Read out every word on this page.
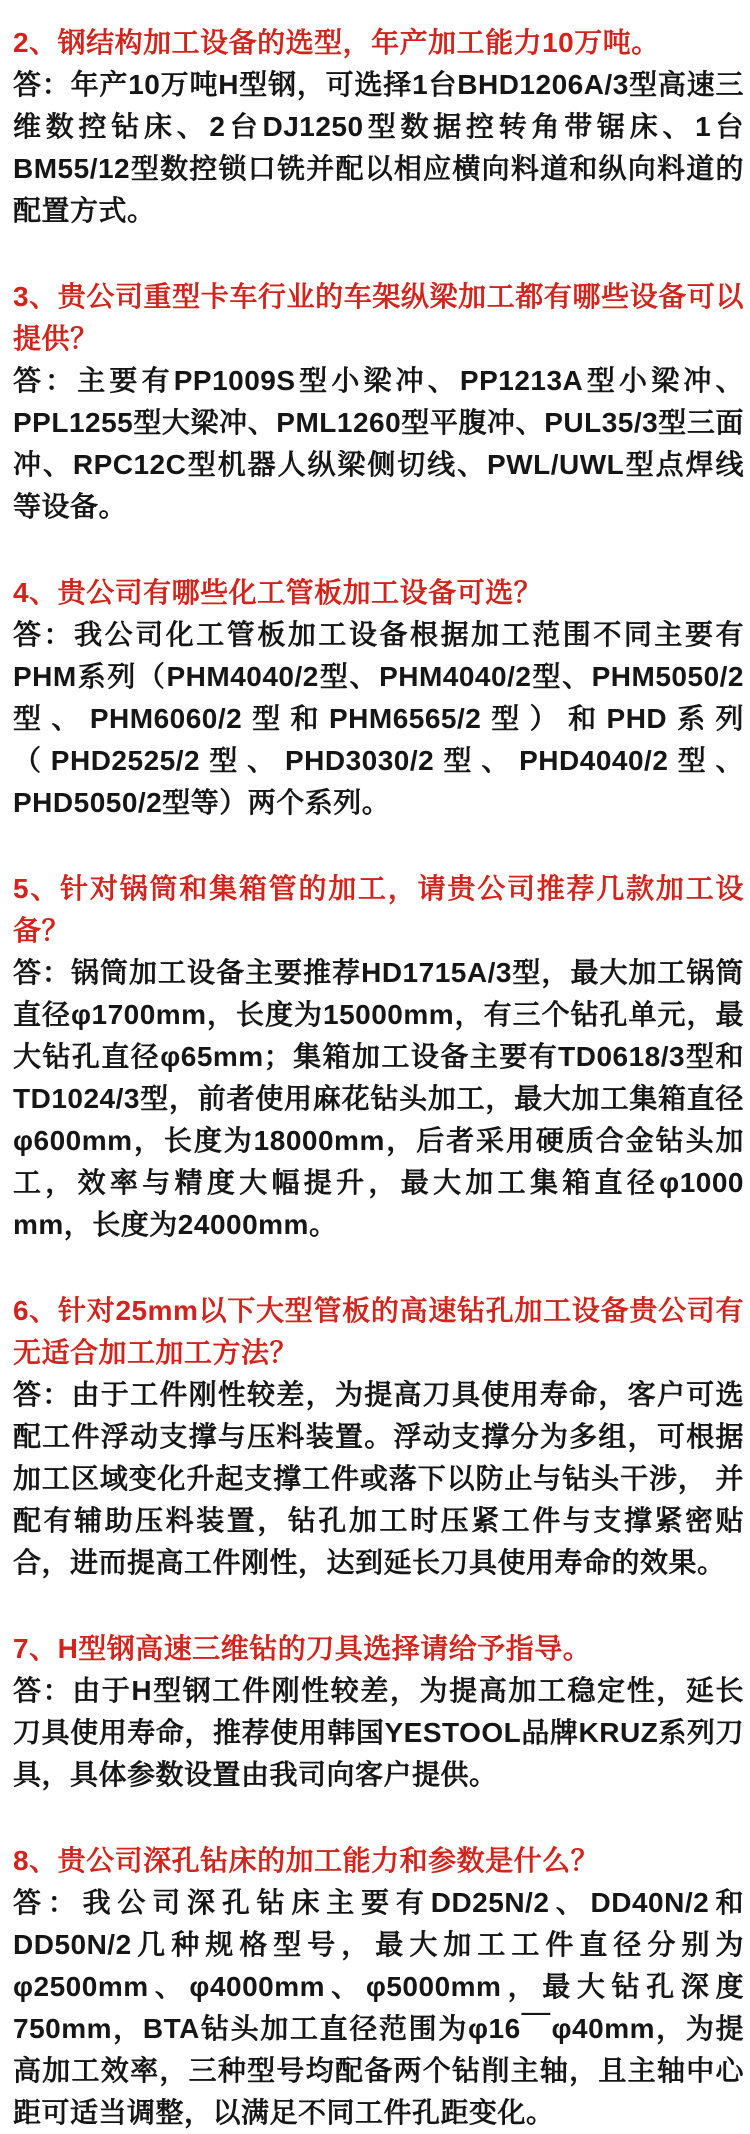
2、钢结构加工设备的选型，年产加工能力10万吨。

答：年产10万吨H型钢，可选择1台BHD1206A/3型高速三维数控钻床、2台DJ1250型数据控转角带锯床、1台BM55/12型数控锁口铣并配以相应横向料道和纵向料道的配置方式。

3、贵公司重型卡车行业的车架纵梁加工都有哪些设备可以提供？

答：主要有PP1009S型小梁冲、PP1213A型小梁冲、PPL1255型大梁冲、PML1260型平腹冲、PUL35/3型三面冲、RPC12C型机器人纵梁侧切线、PWL/UWL型点焊线等设备。

4、贵公司有哪些化工管板加工设备可选？

答：我公司化工管板加工设备根据加工范围不同主要有PHM系列（PHM4040/2型、PHM4040/2型、PHM5050/2型、PHM6060/2型和PHM6565/2型）和PHD系列（PHD2525/2型、PHD3030/2型、PHD4040/2型、PHD5050/2型等）两个系列。

5、针对锅筒和集箱管的加工，请贵公司推荐几款加工设备？

答：锅筒加工设备主要推荐HD1715A/3型，最大加工锅筒直径φ1700mm，长度为15000mm，有三个钻孔单元，最大钻孔直径φ65mm；集箱加工设备主要有TD0618/3型和TD1024/3型，前者使用麻花钻头加工，最大加工集箱直径φ600mm，长度为18000mm，后者采用硬质合金钻头加工，效率与精度大幅提升，最大加工集箱直径φ1000 mm，长度为24000mm。

6、针对25mm以下大型管板的高速钻孔加工设备贵公司有无适合加工加工方法？

答：由于工件刚性较差，为提高刀具使用寿命，客户可选配工件浮动支撑与压料装置。浮动支撑分为多组，可根据加工区域变化升起支撑工件或落下以防止与钻头干涉， 并配有辅助压料装置，钻孔加工时压紧工件与支撑紧密贴合，进而提高工件刚性，达到延长刀具使用寿命的效果。

7、H型钢高速三维钻的刀具选择请给予指导。

答：由于H型钢工件刚性较差，为提高加工稳定性，延长刀具使用寿命，推荐使用韩国YESTOOL品牌KRUZ系列刀具，具体参数设置由我司向客户提供。

8、贵公司深孔钻床的加工能力和参数是什么？

答：我公司深孔钻床主要有DD25N/2、DD40N/2和DD50N/2几种规格型号，最大加工工件直径分别为φ2500mm、φ4000mm、φ5000mm，最大钻孔深度750mm，BTA钻头加工直径范围为φ16￣φ40mm，为提高加工效率，三种型号均配备两个钻削主轴，且主轴中心距可适当调整，以满足不同工件孔距变化。
